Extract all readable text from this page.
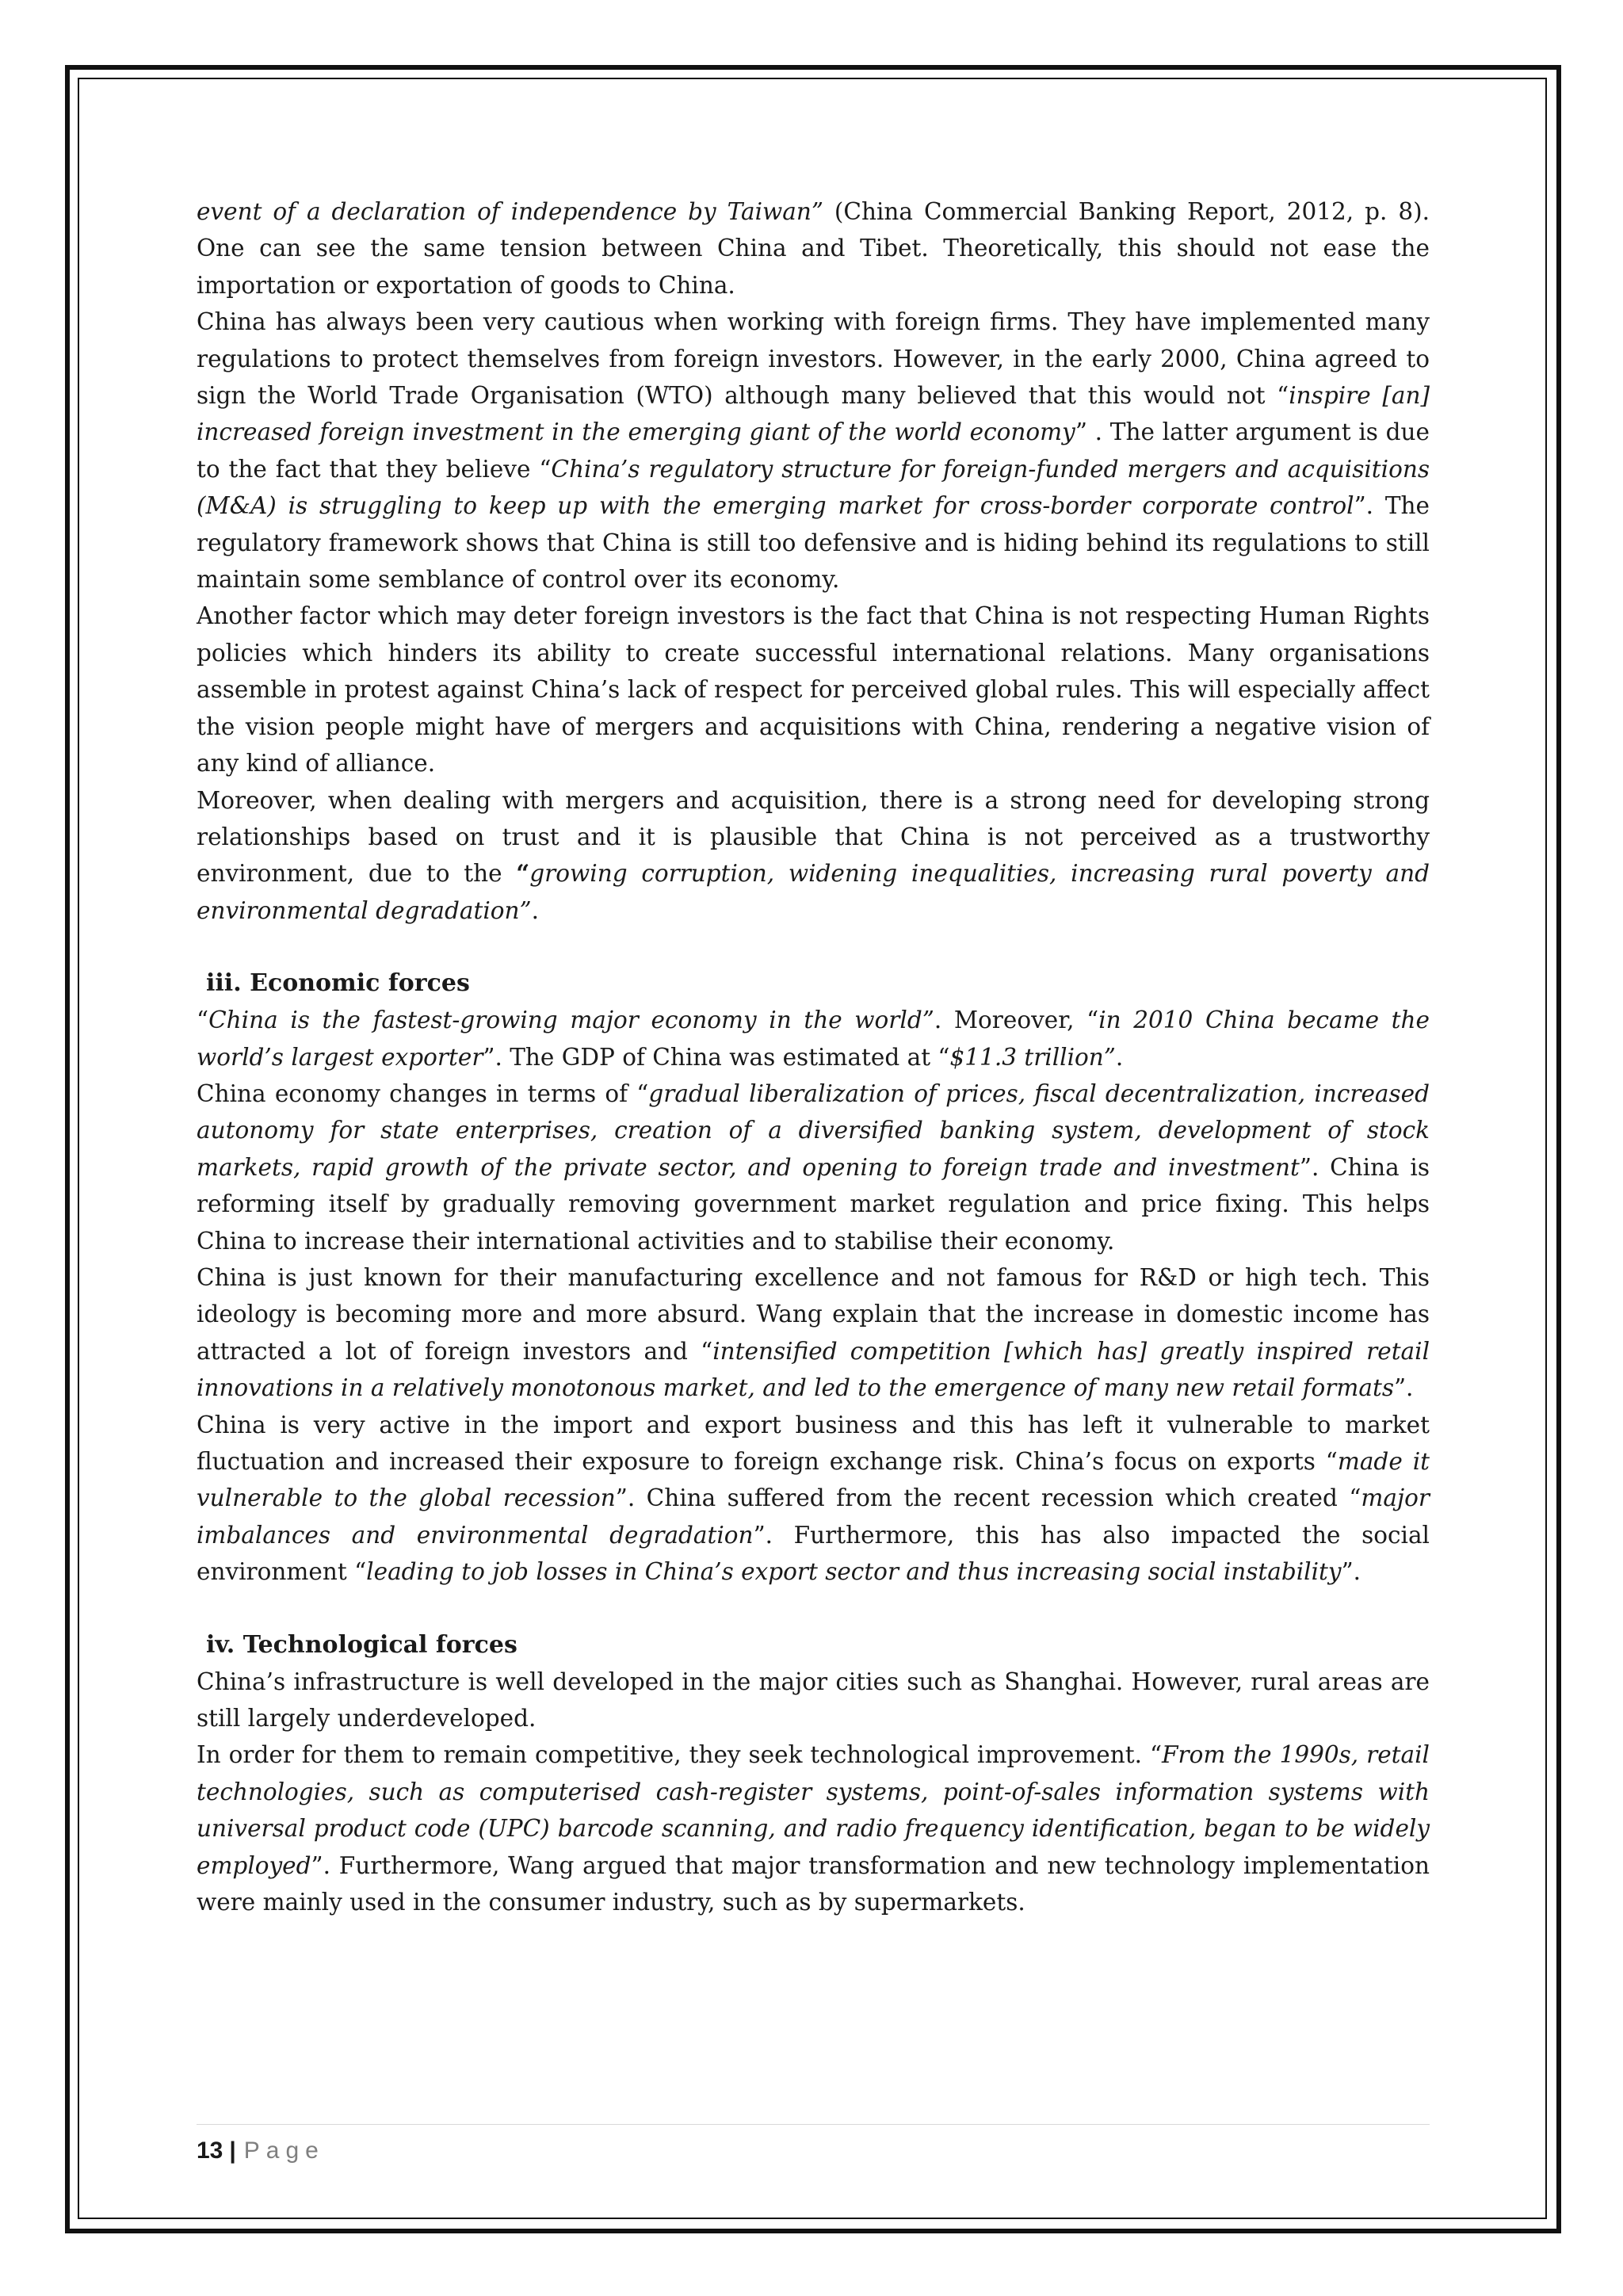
event of a declaration of independence by Taiwan” (China Commercial Banking Report, 2012, p. 8). One can see the same tension between China and Tibet. Theoretically, this should not ease the importation or exportation of goods to China.

China has always been very cautious when working with foreign firms. They have implemented many regulations to protect themselves from foreign investors. However, in the early 2000, China agreed to sign the World Trade Organisation (WTO) although many believed that this would not “inspire [an] increased foreign investment in the emerging giant of the world economy” . The latter argument is due to the fact that they believe “China’s regulatory structure for foreign-funded mergers and acquisitions (M&A) is struggling to keep up with the emerging market for cross-border corporate control”. The regulatory framework shows that China is still too defensive and is hiding behind its regulations to still maintain some semblance of control over its economy.

Another factor which may deter foreign investors is the fact that China is not respecting Human Rights policies which hinders its ability to create successful international relations. Many organisations assemble in protest against China’s lack of respect for perceived global rules. This will especially affect the vision people might have of mergers and acquisitions with China, rendering a negative vision of any kind of alliance.

Moreover, when dealing with mergers and acquisition, there is a strong need for developing strong relationships based on trust and it is plausible that China is not perceived as a trustworthy environment, due to the “growing corruption, widening inequalities, increasing rural poverty and environmental degradation”.

iii. Economic forces

“China is the fastest-growing major economy in the world”. Moreover, “in 2010 China became the world’s largest exporter”. The GDP of China was estimated at “$11.3 trillion”.

China economy changes in terms of “gradual liberalization of prices, fiscal decentralization, increased autonomy for state enterprises, creation of a diversified banking system, development of stock markets, rapid growth of the private sector, and opening to foreign trade and investment”. China is reforming itself by gradually removing government market regulation and price fixing. This helps China to increase their international activities and to stabilise their economy.

China is just known for their manufacturing excellence and not famous for R&D or high tech. This ideology is becoming more and more absurd. Wang explain that the increase in domestic income has attracted a lot of foreign investors and “intensified competition [which has] greatly inspired retail innovations in a relatively monotonous market, and led to the emergence of many new retail formats”.

China is very active in the import and export business and this has left it vulnerable to market fluctuation and increased their exposure to foreign exchange risk. China’s focus on exports “made it vulnerable to the global recession”. China suffered from the recent recession which created “major imbalances and environmental degradation”. Furthermore, this has also impacted the social environment “leading to job losses in China’s export sector and thus increasing social instability”.

iv. Technological forces

China’s infrastructure is well developed in the major cities such as Shanghai. However, rural areas are still largely underdeveloped.

In order for them to remain competitive, they seek technological improvement. “From the 1990s, retail technologies, such as computerised cash-register systems, point-of-sales information systems with universal product code (UPC) barcode scanning, and radio frequency identification, began to be widely employed”. Furthermore, Wang argued that major transformation and new technology implementation were mainly used in the consumer industry, such as by supermarkets.

13 | Page
